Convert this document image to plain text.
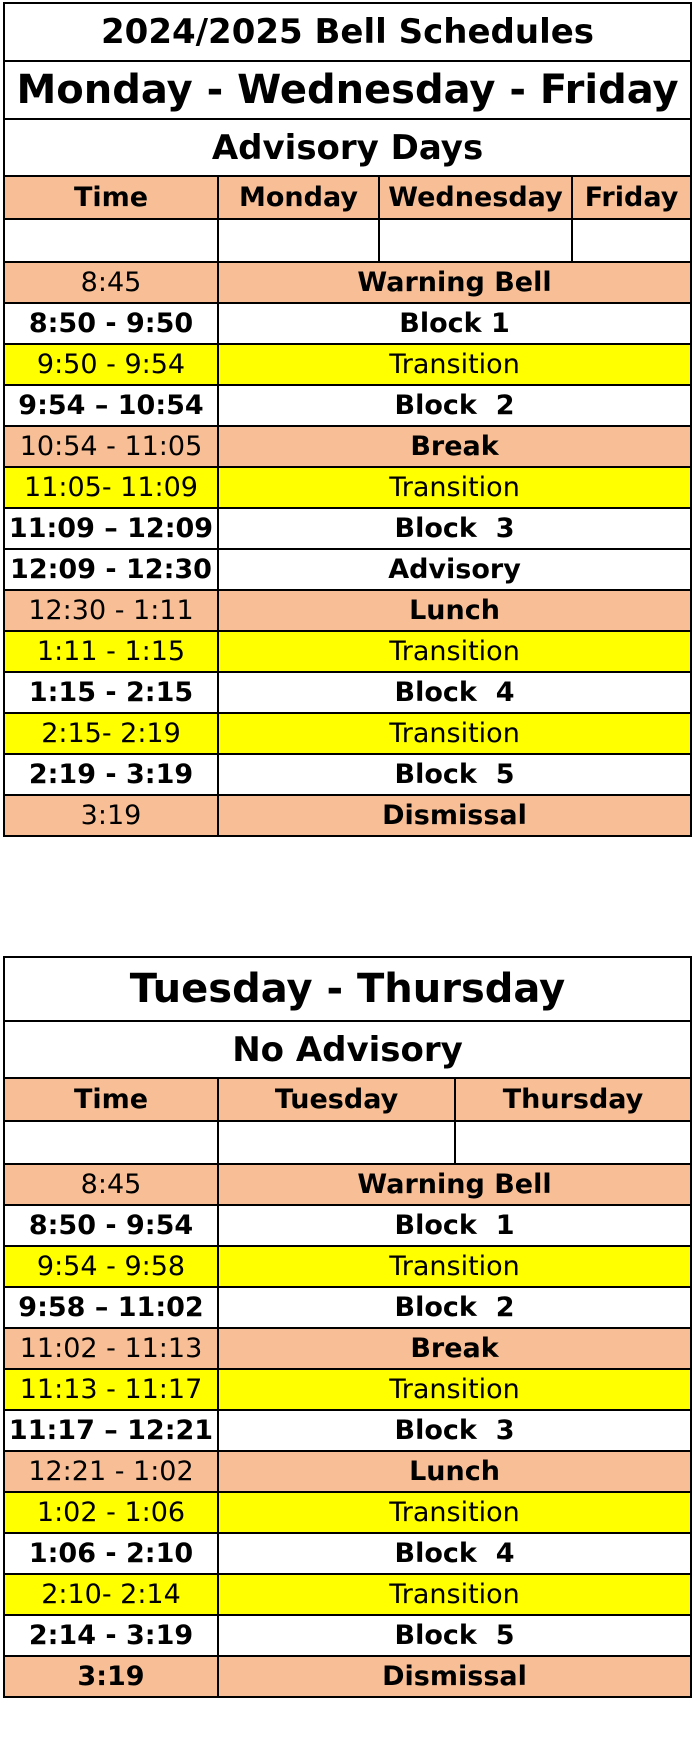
2024/2025 Bell Schedules			
Monday - Wednesday - Friday			
Advisory Days			
Time	Monday	Wednesday	Friday

8:45	Warning Bell		
8:50 - 9:50	Block 1		
9:50 - 9:54	Transition		
9:54 – 10:54	Block  2		
10:54 - 11:05	Break		
11:05- 11:09	Transition		
11:09 – 12:09	Block  3		
12:09 - 12:30	Advisory		
12:30 - 1:11	Lunch		
1:11 - 1:15	Transition		
1:15 - 2:15	Block  4		
2:15- 2:19	Transition		
2:19 - 3:19	Block  5		
3:19	Dismissal		
Tuesday - Thursday		
No Advisory		
Time	Tuesday	Thursday

8:45	Warning Bell	
8:50 - 9:54	Block  1	
9:54 - 9:58	Transition	
9:58 – 11:02	Block  2	
11:02 - 11:13	Break	
11:13 - 11:17	Transition	
11:17 – 12:21	Block  3	
12:21 - 1:02	Lunch	
1:02 - 1:06	Transition	
1:06 - 2:10	Block  4	
2:10- 2:14	Transition	
2:14 - 3:19	Block  5	
3:19	Dismissal	
